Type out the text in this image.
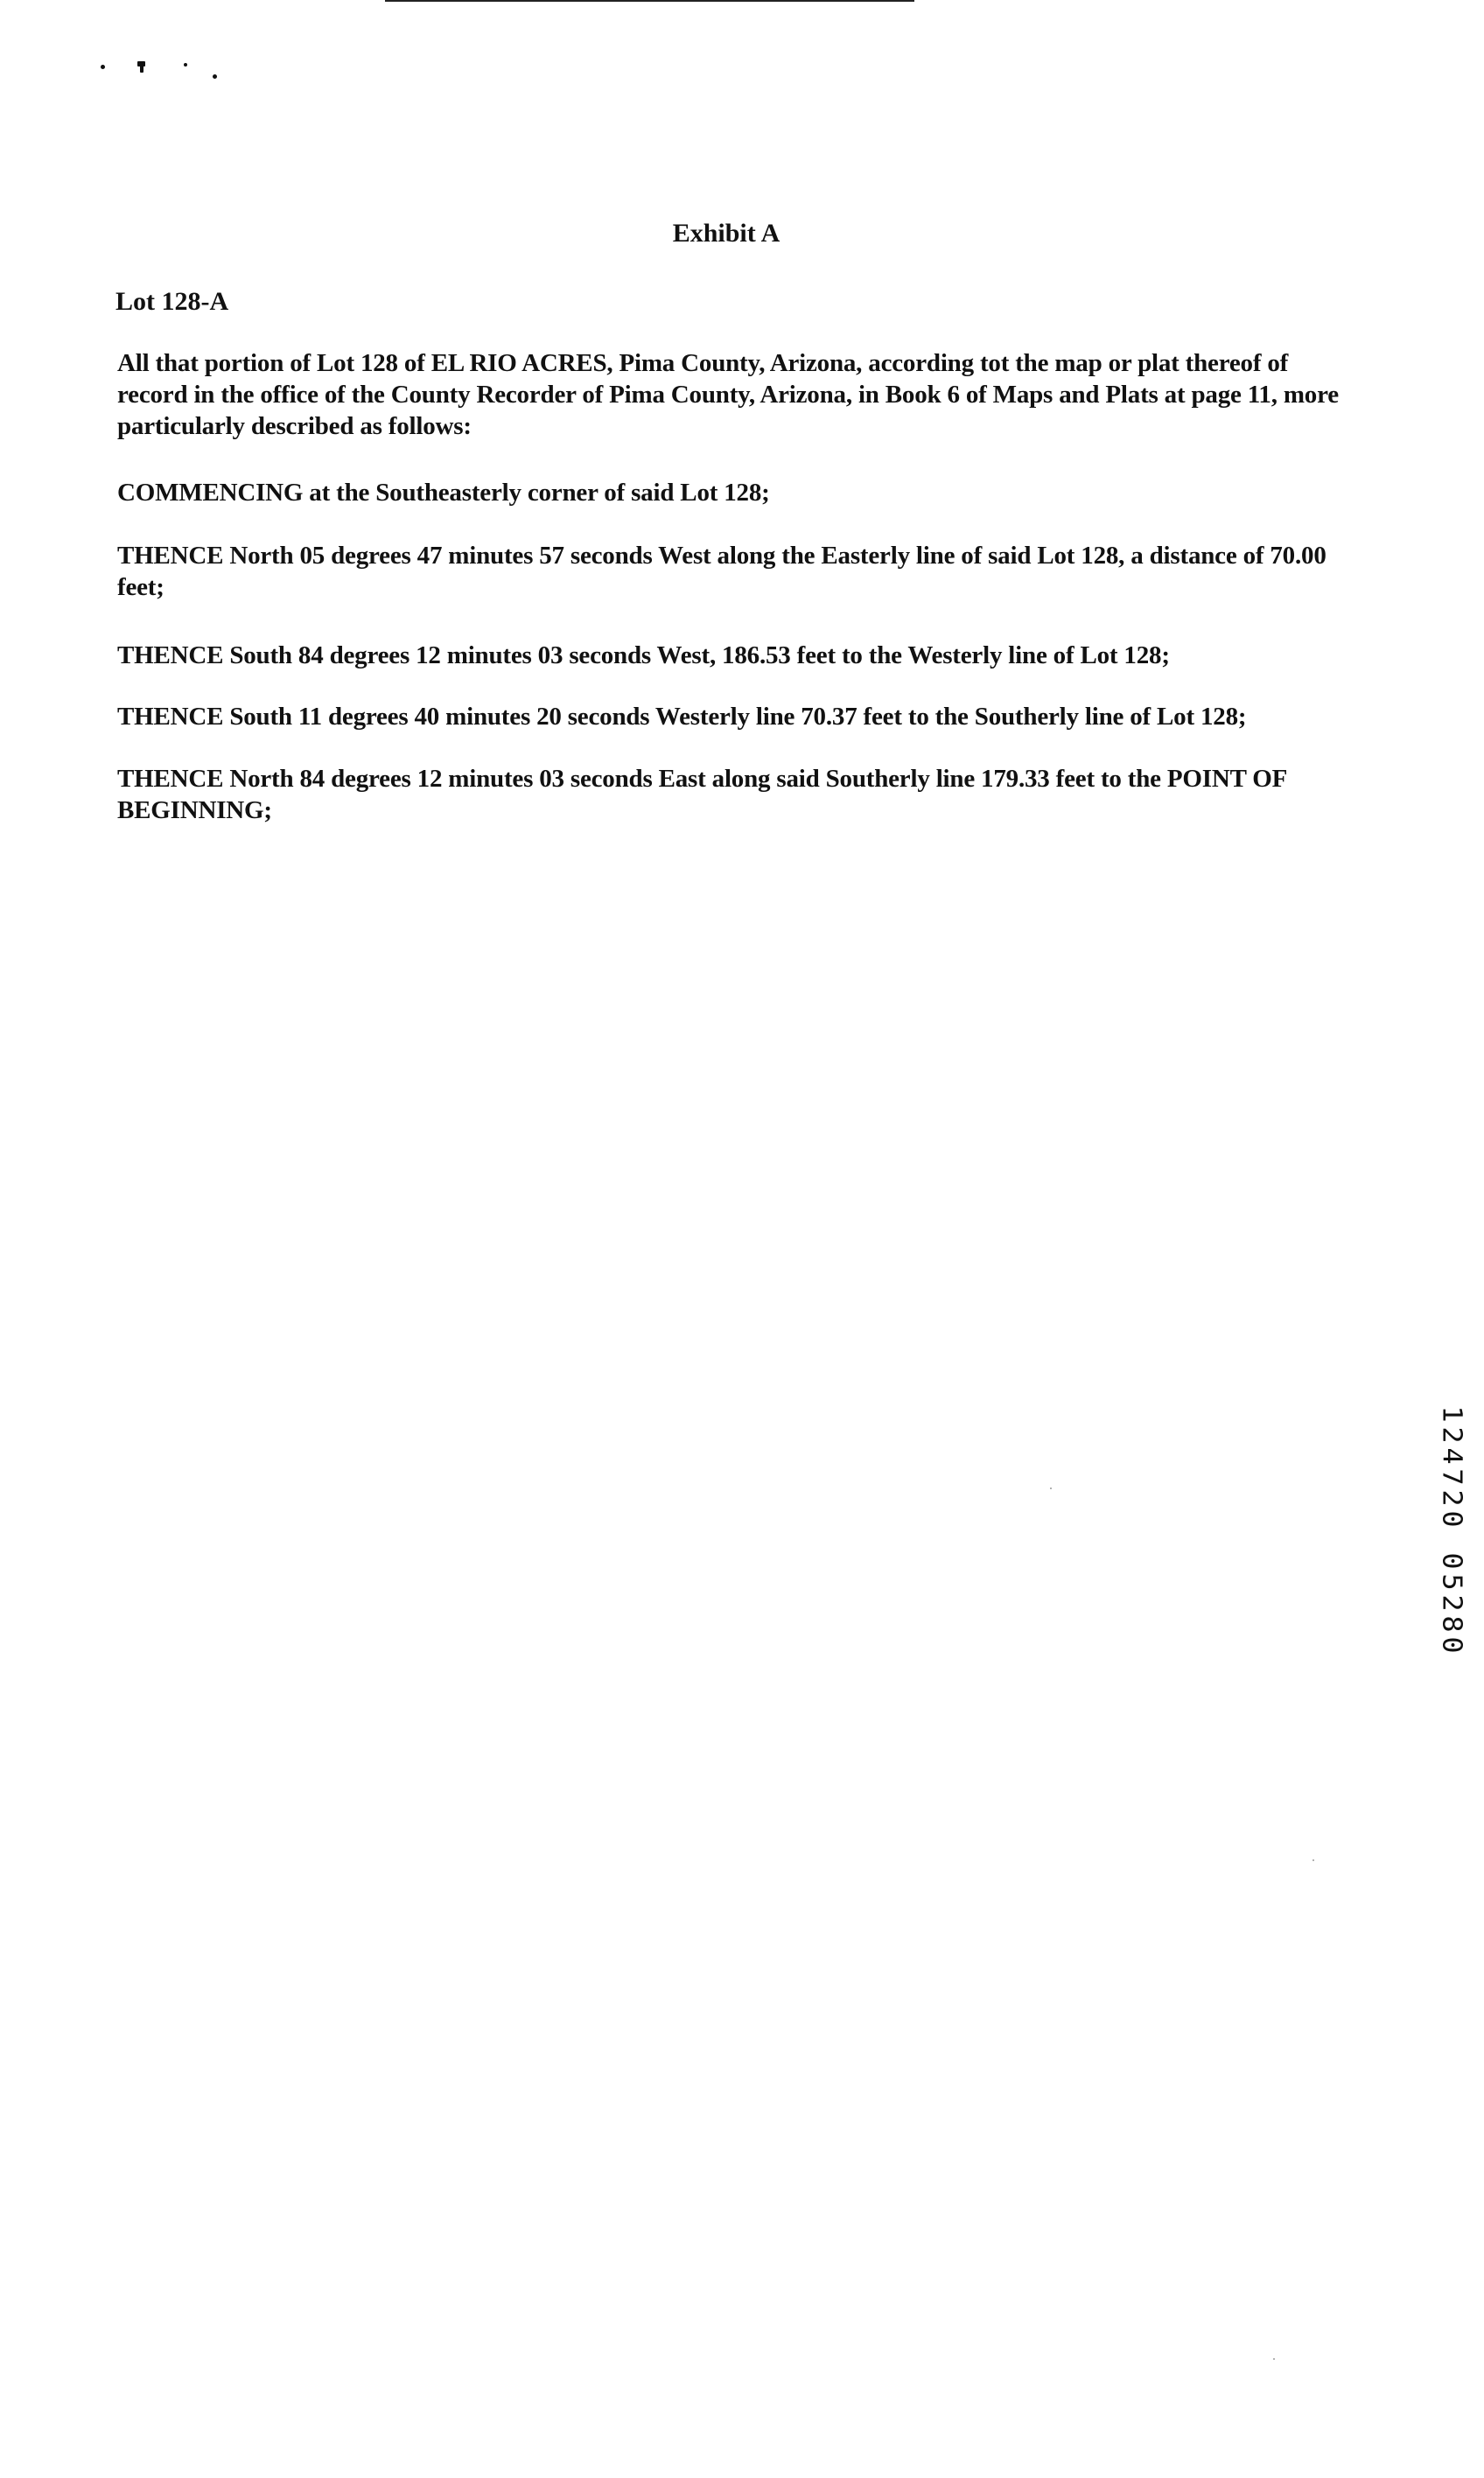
Exhibit A
Lot 128-A

All that portion of Lot 128 of EL RIO ACRES, Pima County, Arizona, according tot the map or plat thereof of record in the office of the County Recorder of Pima County, Arizona, in Book 6 of Maps and Plats at page 11, more particularly described as follows:

COMMENCING at the Southeasterly corner of said Lot 128;

THENCE North 05 degrees 47 minutes 57 seconds West along the Easterly line of said Lot 128, a distance of 70.00 feet;

THENCE South 84 degrees 12 minutes 03 seconds West, 186.53 feet to the Westerly line of Lot 128;

THENCE South 11 degrees 40 minutes 20 seconds Westerly line 70.37 feet to the Southerly line of Lot 128;

THENCE North 84 degrees 12 minutes 03 seconds East along said Southerly line 179.33 feet to the POINT OF BEGINNING;

1
2
4
7
2
0
0
5
2
8
0
